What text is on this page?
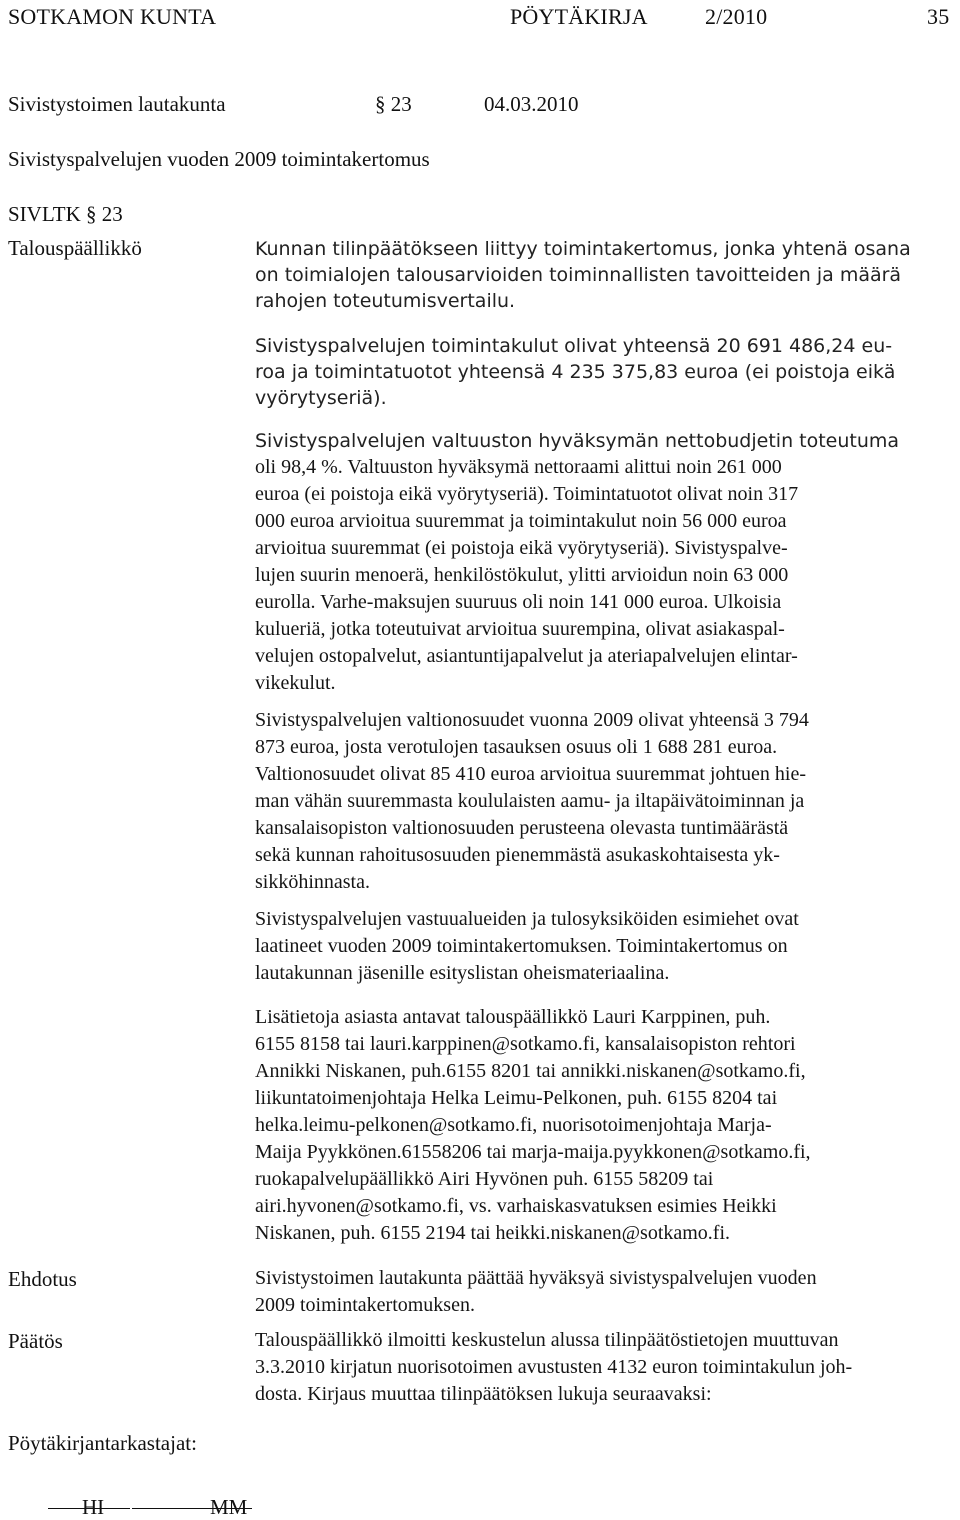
SOTKAMON KUNTA	PÖYTÄKIRJA	2/2010	35
Sivistystoimen lautakunta	§ 23	04.03.2010
Sivistyspalvelujen vuoden 2009 toimintakertomus
SIVLTK § 23
Talouspäällikkö
Ehdotus
Päätös
Pöytäkirjantarkastajat:
Kunnan tilinpäätökseen liittyy toimintakertomus, jonka yhtenä osana
on toimialojen talousarvioiden toiminnallisten tavoitteiden ja määrä
rahojen toteutumisvertailu.
Sivistyspalvelujen toimintakulut olivat yhteensä 20 691 486,24 eu-
roa ja toimintatuotot yhteensä 4 235 375,83 euroa (ei poistoja eikä
vyörytyseriä).
Sivistyspalvelujen valtuuston hyväksymän nettobudjetin toteutuma
oli 98,4 %. Valtuuston hyväksymä nettoraami alittui noin 261 000
euroa (ei poistoja eikä vyörytyseriä). Toimintatuotot olivat noin 317
000 euroa arvioitua suuremmat ja toimintakulut noin 56 000 euroa
arvioitua suuremmat (ei poistoja eikä vyörytyseriä). Sivistyspalve-
lujen suurin menoerä, henkilöstökulut, ylitti arvioidun noin 63 000
eurolla. Varhe-maksujen suuruus oli noin 141 000 euroa. Ulkoisia
kulueriä, jotka toteutuivat arvioitua suurempina, olivat asiakaspal-
velujen ostopalvelut, asiantuntijapalvelut ja ateriapalvelujen elintar-
vikekulut.
Sivistyspalvelujen valtionosuudet vuonna 2009 olivat yhteensä 3 794
873 euroa, josta verotulojen tasauksen osuus oli 1 688 281 euroa.
Valtionosuudet olivat 85 410 euroa arvioitua suuremmat johtuen hie-
man vähän suuremmasta koululaisten aamu- ja iltapäivätoiminnan ja
kansalaisopiston valtionosuuden perusteena olevasta tuntimäärästä
sekä kunnan rahoitusosuuden pienemmästä asukaskohtaisesta yk-
sikköhinnasta.
Sivistyspalvelujen vastuualueiden ja tulosyksiköiden esimiehet ovat
laatineet vuoden 2009 toimintakertomuksen. Toimintakertomus on
lautakunnan jäsenille esityslistan oheismateriaalina.
Lisätietoja asiasta antavat talouspäällikkö Lauri Karppinen, puh.
6155 8158 tai lauri.karppinen@sotkamo.fi, kansalaisopiston rehtori
Annikki Niskanen, puh.6155 8201 tai annikki.niskanen@sotkamo.fi,
liikuntatoimenjohtaja Helka Leimu-Pelkonen, puh. 6155 8204 tai
helka.leimu-pelkonen@sotkamo.fi, nuorisotoimenjohtaja Marja-
Maija Pyykkönen.61558206 tai marja-maija.pyykkonen@sotkamo.fi,
ruokapalvelupäällikkö Airi Hyvönen puh. 6155 58209 tai
airi.hyvonen@sotkamo.fi, vs. varhaiskasvatuksen esimies Heikki
Niskanen, puh. 6155 2194 tai heikki.niskanen@sotkamo.fi.
Sivistystoimen lautakunta päättää hyväksyä sivistyspalvelujen vuoden
2009 toimintakertomuksen.
Talouspäällikkö ilmoitti keskustelun alussa tilinpäätöstietojen muuttuvan
3.3.2010 kirjatun nuorisotoimen avustusten 4132 euron toimintakulun joh-
dosta. Kirjaus muuttaa tilinpäätöksen lukuja seuraavaksi:
HI	MM
